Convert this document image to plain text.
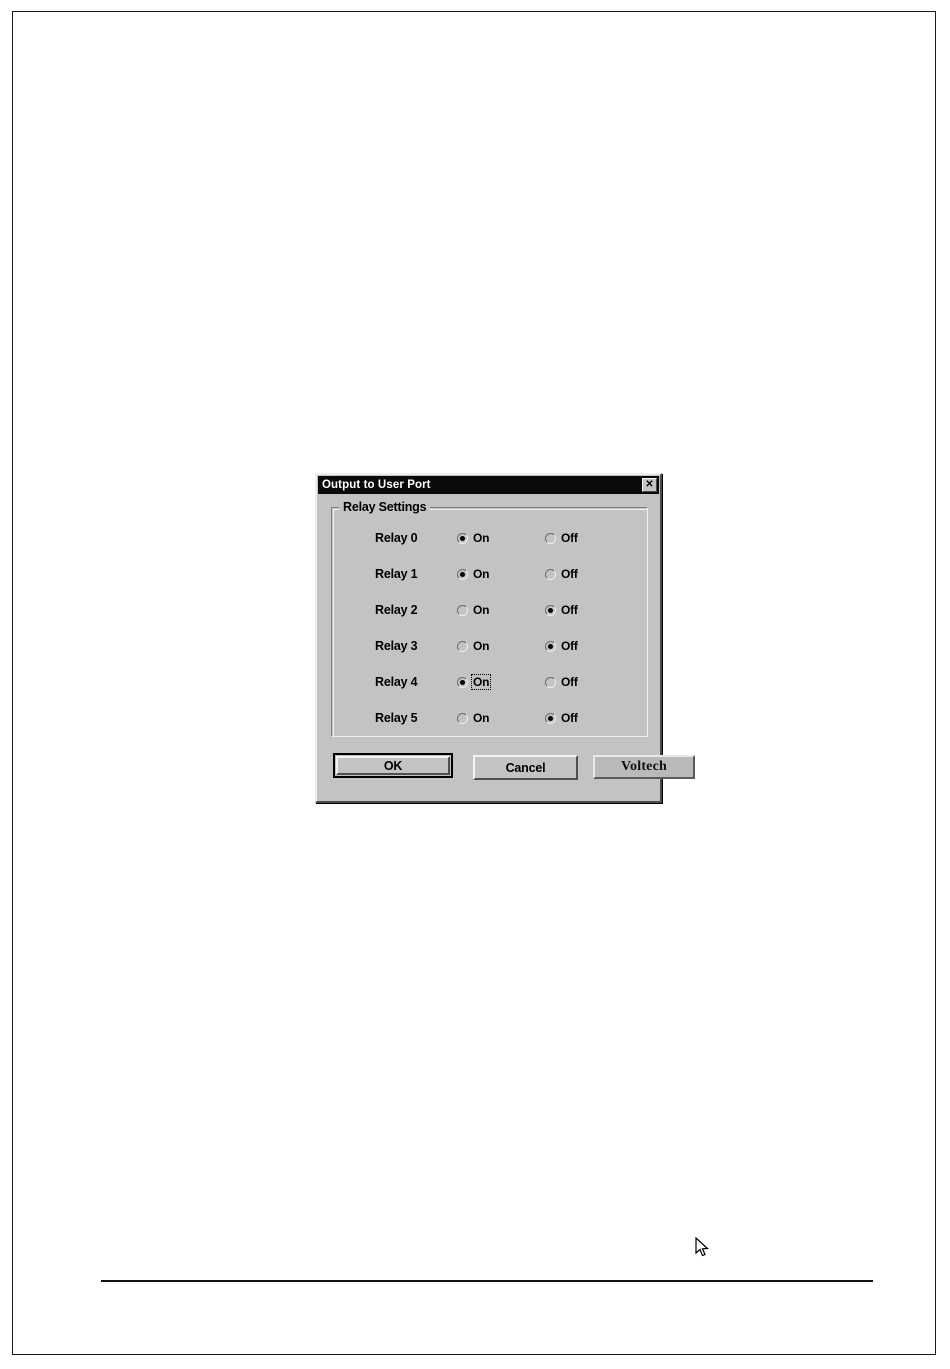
Output to User Port	✕
Relay Settings
Relay 0	On	Off
Relay 1	On	Off
Relay 2	On	Off
Relay 3	On	Off
Relay 4	On	Off
Relay 5	On	Off
OK	Cancel	Voltech
